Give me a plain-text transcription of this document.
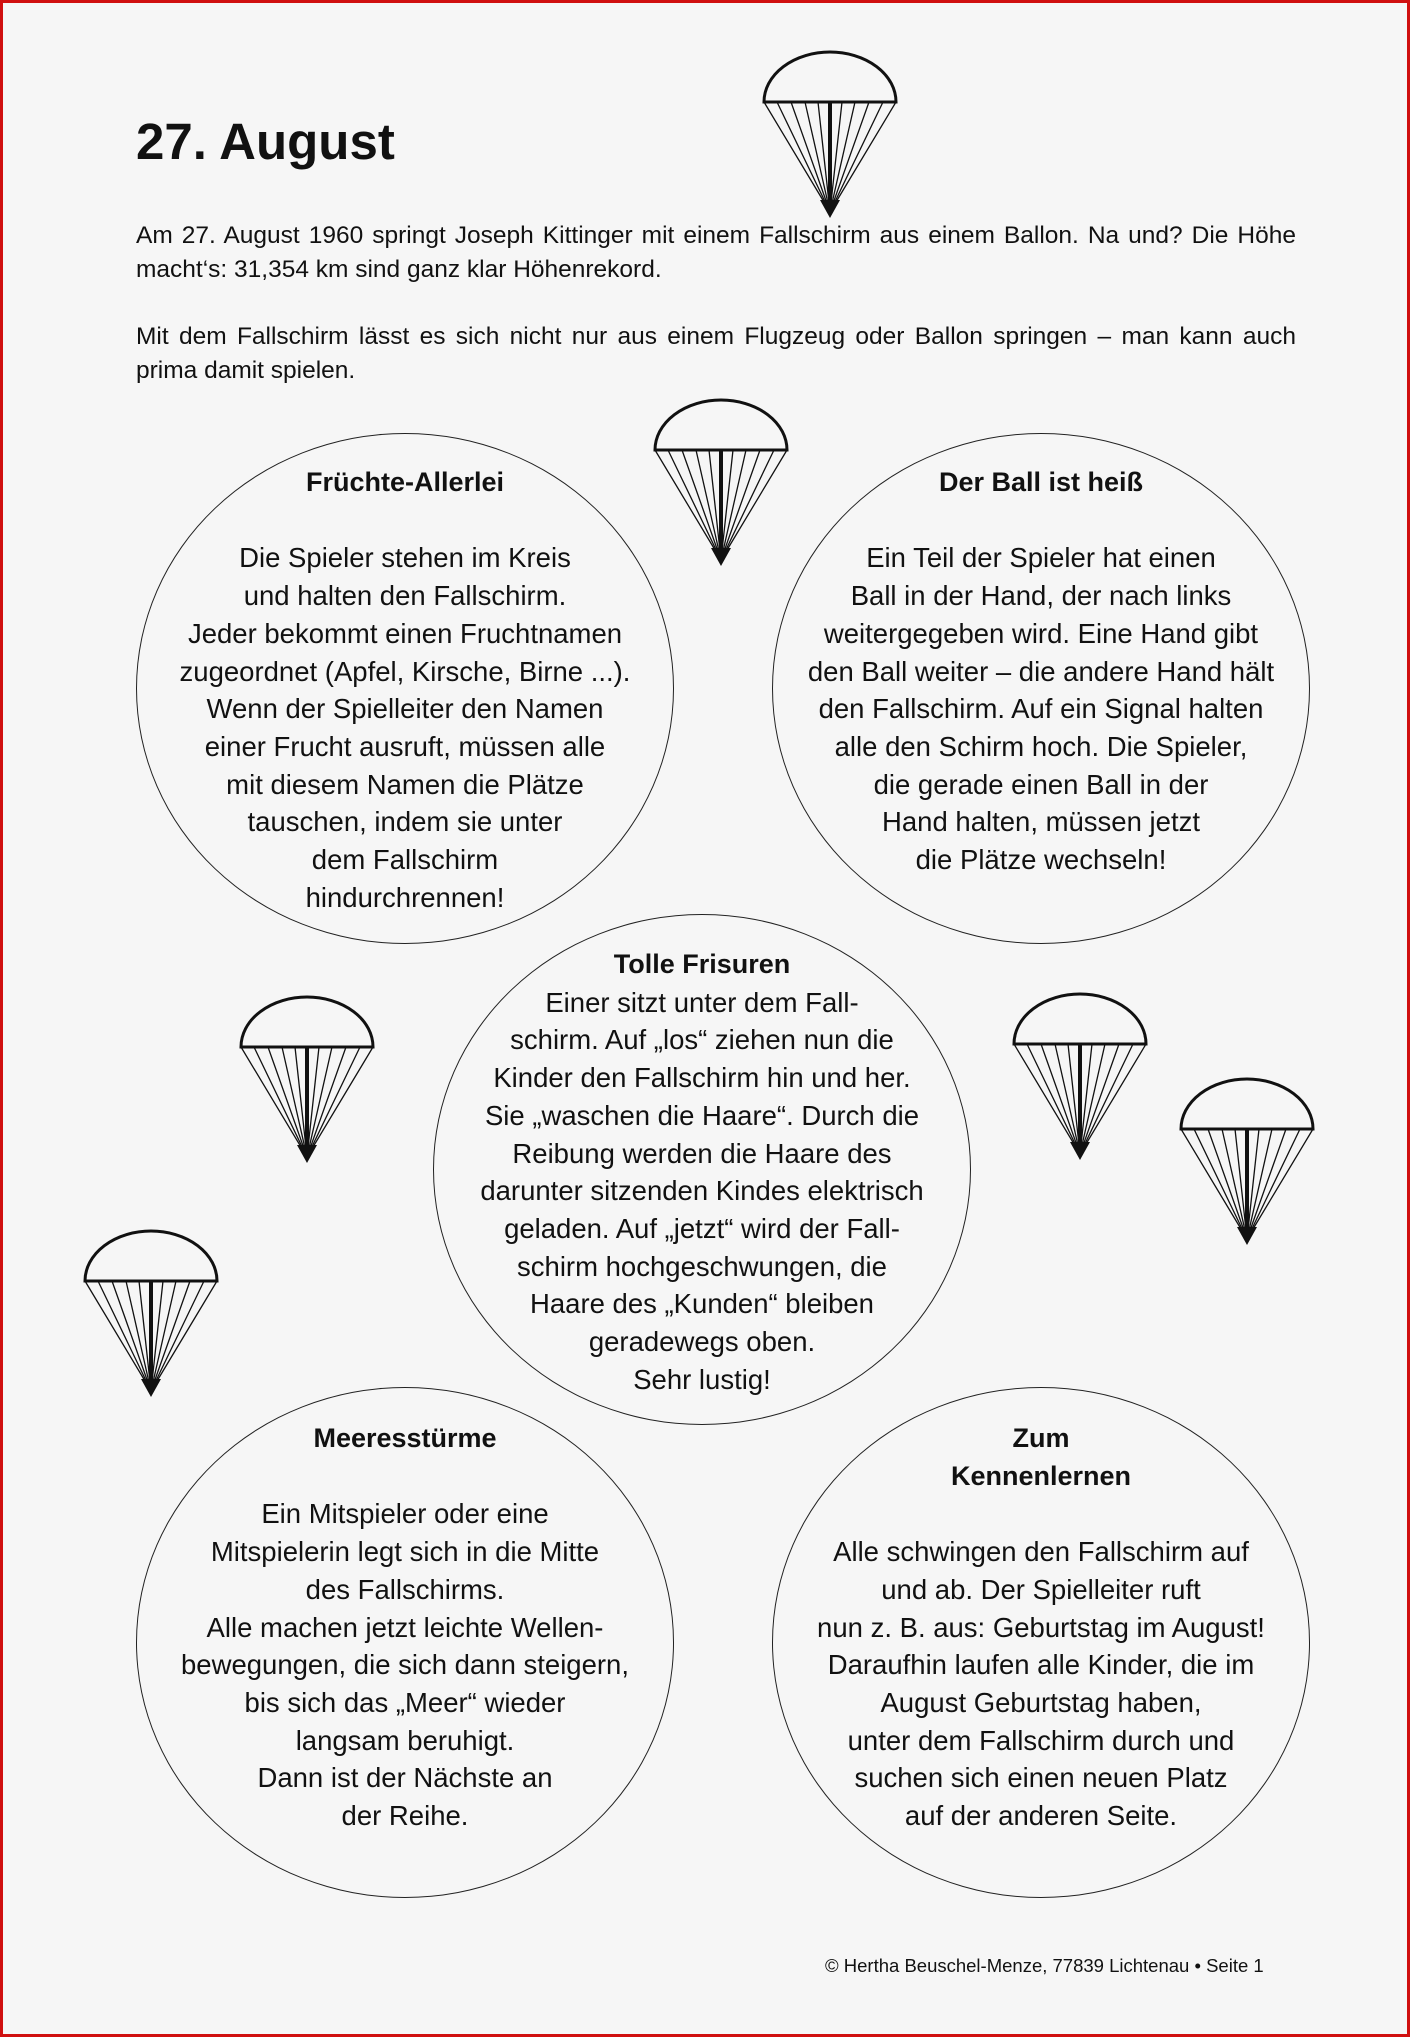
27. August

Am 27. August 1960 springt Joseph Kittinger mit einem Fallschirm aus einem Ballon. Na und? Die Höhe macht‘s: 31,354 km sind ganz klar Höhenrekord.

Mit dem Fallschirm lässt es sich nicht nur aus einem Flugzeug oder Ballon springen – man kann auch prima damit spielen.

Früchte-Allerlei

Die Spieler stehen im Kreis
und halten den Fallschirm.
Jeder bekommt einen Fruchtnamen
zugeordnet (Apfel, Kirsche, Birne ...).
Wenn der Spielleiter den Namen
einer Frucht ausruft, müssen alle
mit diesem Namen die Plätze
tauschen, indem sie unter
dem Fallschirm
hindurchrennen!

Der Ball ist heiß

Ein Teil der Spieler hat einen
Ball in der Hand, der nach links
weitergegeben wird. Eine Hand gibt
den Ball weiter – die andere Hand hält
den Fallschirm. Auf ein Signal halten
alle den Schirm hoch. Die Spieler,
die gerade einen Ball in der
Hand halten, müssen jetzt
die Plätze wechseln!

Tolle Frisuren

Einer sitzt unter dem Fall-
schirm. Auf „los“ ziehen nun die
Kinder den Fallschirm hin und her.
Sie „waschen die Haare“. Durch die
Reibung werden die Haare des
darunter sitzenden Kindes elektrisch
geladen. Auf „jetzt“ wird der Fall-
schirm hochgeschwungen, die
Haare des „Kunden“ bleiben
geradewegs oben.
Sehr lustig!

Meeresstürme

Ein Mitspieler oder eine
Mitspielerin legt sich in die Mitte
des Fallschirms.
Alle machen jetzt leichte Wellen-
bewegungen, die sich dann steigern,
bis sich das „Meer“ wieder
langsam beruhigt.
Dann ist der Nächste an
der Reihe.

Zum

Kennenlernen

Alle schwingen den Fallschirm auf
und ab. Der Spielleiter ruft
nun z. B. aus: Geburtstag im August!
Daraufhin laufen alle Kinder, die im
August Geburtstag haben,
unter dem Fallschirm durch und
suchen sich einen neuen Platz
auf der anderen Seite.

© Hertha Beuschel-Menze, 77839 Lichtenau • Seite 1
